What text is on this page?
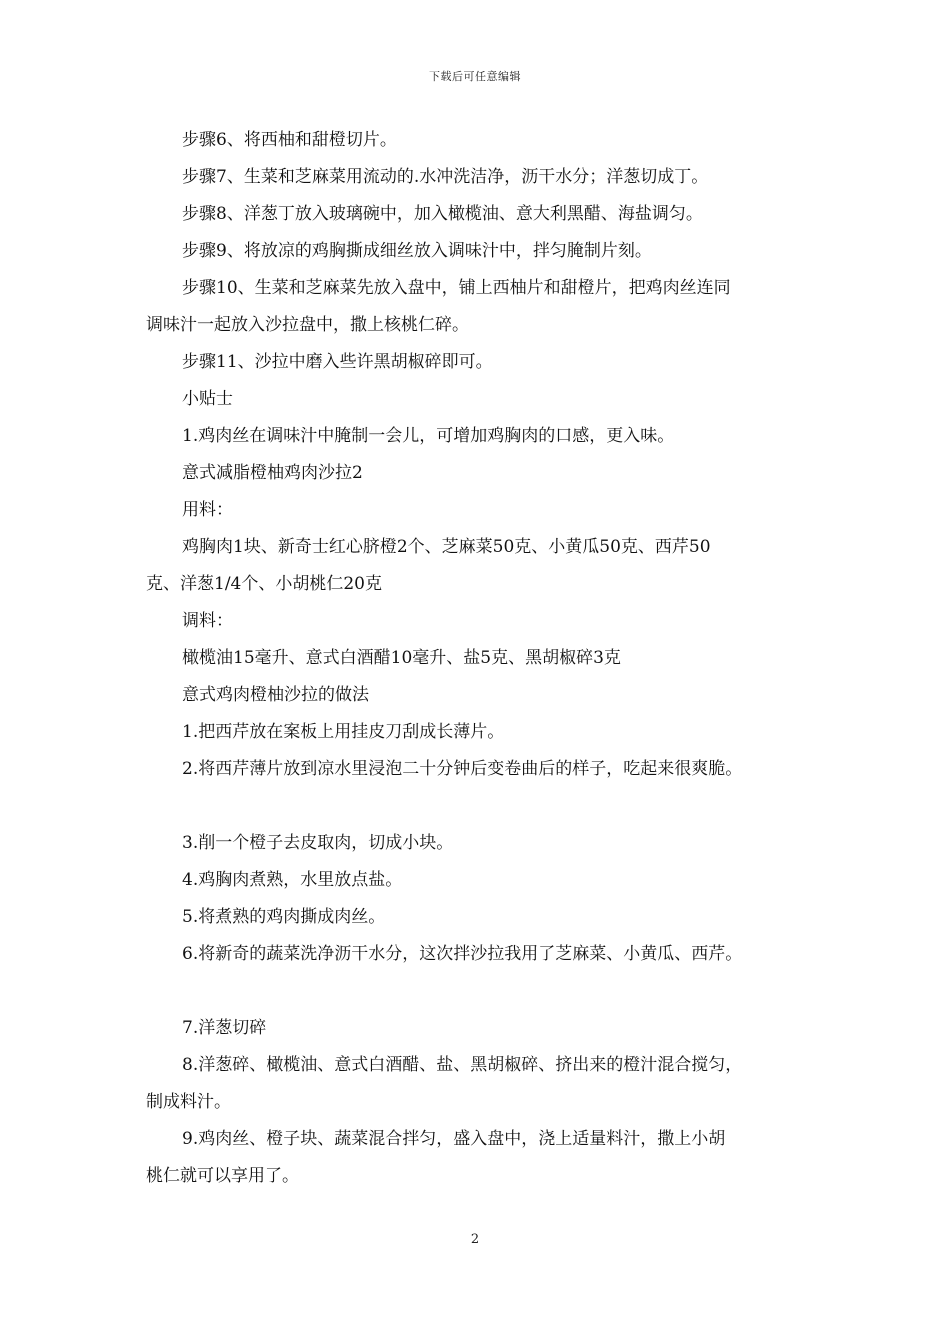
下载后可任意编辑
步骤6、将西柚和甜橙切片。
步骤7、生菜和芝麻菜用流动的.水冲洗洁净，沥干水分；洋葱切成丁。
步骤8、洋葱丁放入玻璃碗中，加入橄榄油、意大利黑醋、海盐调匀。
步骤9、将放凉的鸡胸撕成细丝放入调味汁中，拌匀腌制片刻。
步骤10、生菜和芝麻菜先放入盘中，铺上西柚片和甜橙片，把鸡肉丝连同
调味汁一起放入沙拉盘中，撒上核桃仁碎。
步骤11、沙拉中磨入些许黑胡椒碎即可。
小贴士
1.鸡肉丝在调味汁中腌制一会儿，可增加鸡胸肉的口感，更入味。
意式减脂橙柚鸡肉沙拉2
用料：
鸡胸肉1块、新奇士红心脐橙2个、芝麻菜50克、小黄瓜50克、西芹50
克、洋葱1/4个、小胡桃仁20克
调料：
橄榄油15毫升、意式白酒醋10毫升、盐5克、黑胡椒碎3克
意式鸡肉橙柚沙拉的做法
1.把西芹放在案板上用挂皮刀刮成长薄片。
2.将西芹薄片放到凉水里浸泡二十分钟后变卷曲后的样子，吃起来很爽脆。
3.削一个橙子去皮取肉，切成小块。
4.鸡胸肉煮熟，水里放点盐。
5.将煮熟的鸡肉撕成肉丝。
6.将新奇的蔬菜洗净沥干水分，这次拌沙拉我用了芝麻菜、小黄瓜、西芹。
7.洋葱切碎
8.洋葱碎、橄榄油、意式白酒醋、盐、黑胡椒碎、挤出来的橙汁混合搅匀，
制成料汁。
9.鸡肉丝、橙子块、蔬菜混合拌匀，盛入盘中，浇上适量料汁，撒上小胡
桃仁就可以享用了。
2
